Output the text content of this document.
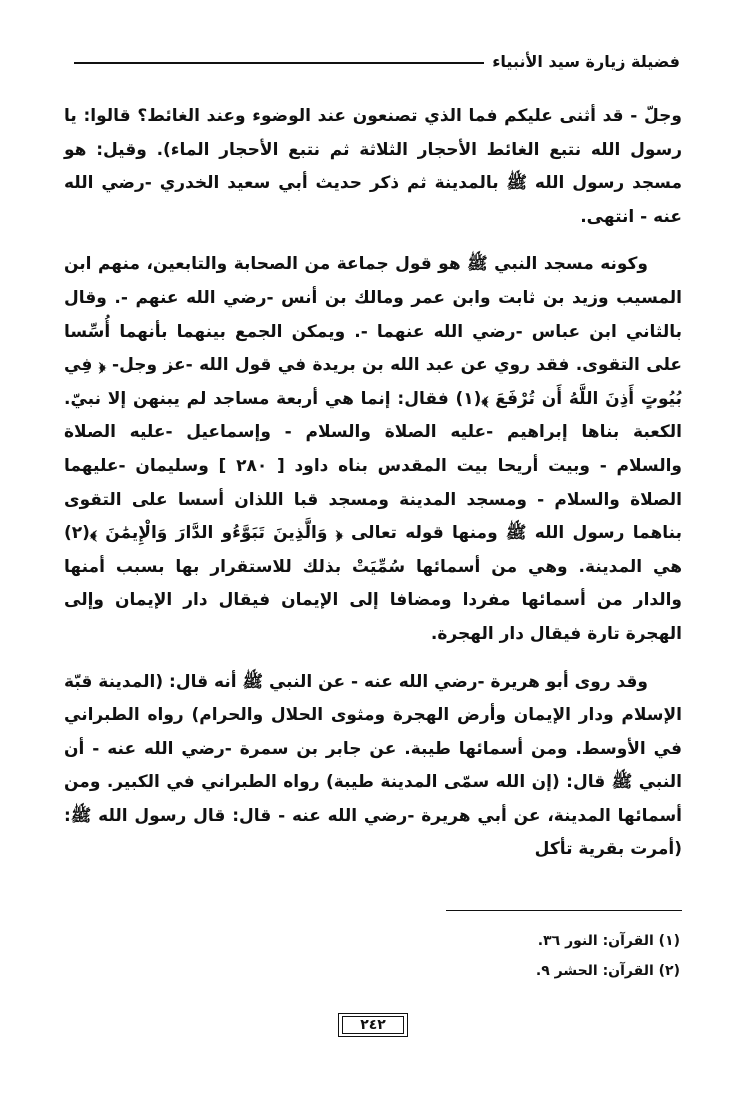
فضيلة زيارة سيد الأنبياء

وجلّ - قد أثنى عليكم فما الذي تصنعون عند الوضوء وعند الغائط؟ قالوا: يا رسول الله نتبع الغائط الأحجار الثلاثة ثم نتبع الأحجار الماء). وقيل: هو مسجد رسول الله ﷺ بالمدينة ثم ذكر حديث أبي سعيد الخدري -رضي الله عنه - انتهى.

وكونه مسجد النبي ﷺ هو قول جماعة من الصحابة والتابعين، منهم ابن المسيب وزيد بن ثابت وابن عمر ومالك بن أنس -رضي الله عنهم -. وقال بالثاني ابن عباس -رضي الله عنهما -. ويمكن الجمع بينهما بأنهما أُسِّسا على التقوى. فقد روي عن عبد الله بن بريدة في قول الله -عز وجل- ﴿ فِي بُيُوتٍ أَذِنَ اللَّهُ أَن تُرْفَعَ ﴾(١) فقال: إنما هي أربعة مساجد لم يبنهن إلا نبيّ. الكعبة بناها إبراهيم -عليه الصلاة والسلام - وإسماعيل -عليه الصلاة والسلام - وبيت أريحا بيت المقدس بناه داود [ ٢٨٠ ] وسليمان -عليهما الصلاة والسلام - ومسجد المدينة ومسجد قبا اللذان أسسا على التقوى بناهما رسول الله ﷺ ومنها قوله تعالى ﴿ وَالَّذِينَ تَبَوَّءُو الدَّارَ وَالْإِيمَٰنَ ﴾(٢) هي المدينة. وهي من أسمائها سُمِّيَتْ بذلك للاستقرار بها بسبب أمنها والدار من أسمائها مفردا ومضافا إلى الإيمان فيقال دار الإيمان وإلى الهجرة تارة فيقال دار الهجرة.

وقد روى أبو هريرة -رضي الله عنه - عن النبي ﷺ أنه قال: (المدينة قبّة الإسلام ودار الإيمان وأرض الهجرة ومثوى الحلال والحرام) رواه الطبراني في الأوسط. ومن أسمائها طيبة. عن جابر بن سمرة -رضي الله عنه - أن النبي ﷺ قال: (إن الله سمّى المدينة طيبة) رواه الطبراني في الكبير. ومن أسمائها المدينة، عن أبي هريرة -رضي الله عنه - قال: قال رسول الله ﷺ: (أمرت بقرية تأكل

(١) القرآن: النور ٣٦.
(٢) القرآن: الحشر ٩.
٢٤٢
